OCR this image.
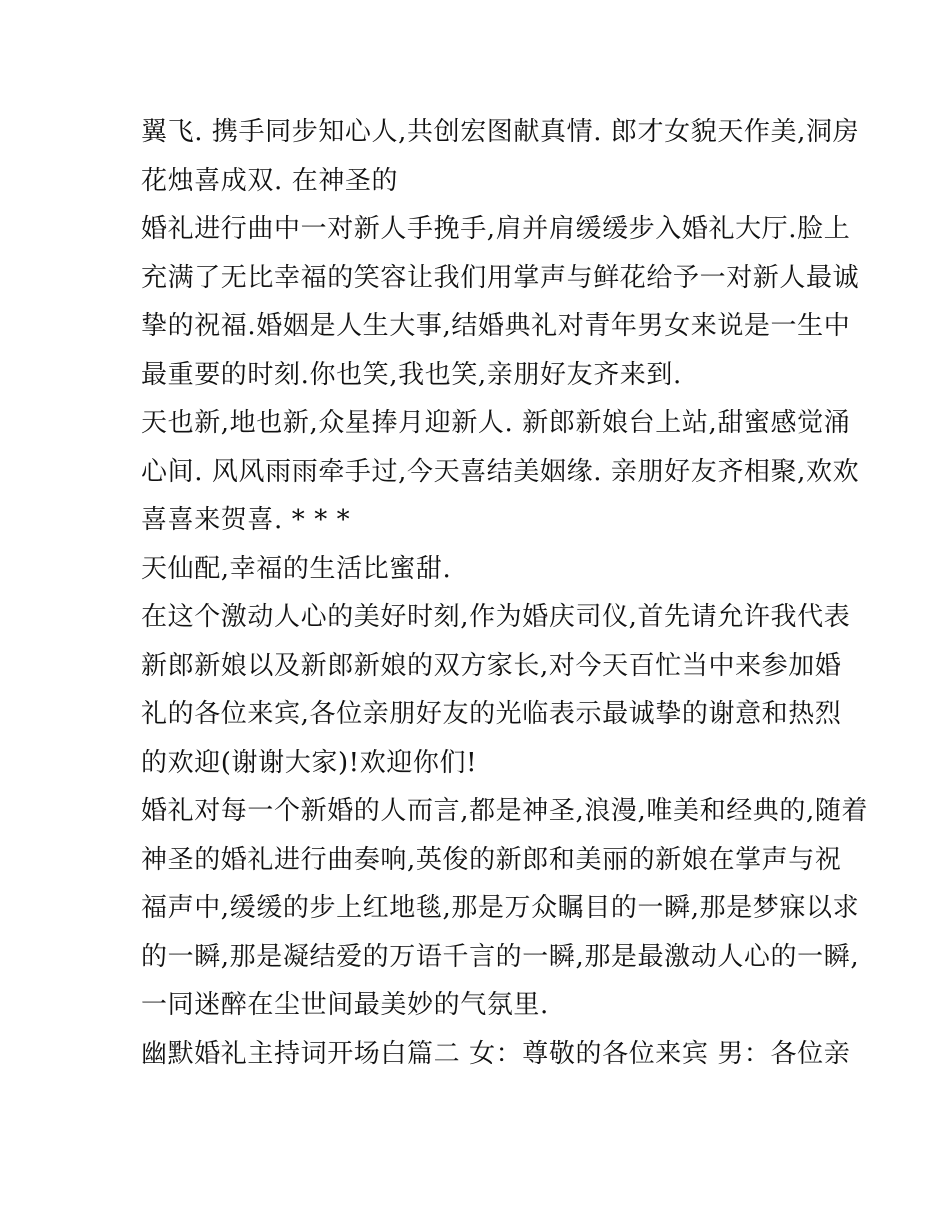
翼飞. 携手同步知心人,共创宏图献真情. 郎才女貌天作美,洞房
花烛喜成双. 在神圣的
婚礼进行曲中一对新人手挽手,肩并肩缓缓步入婚礼大厅.脸上
充满了无比幸福的笑容让我们用掌声与鲜花给予一对新人最诚
挚的祝福.婚姻是人生大事,结婚典礼对青年男女来说是一生中
最重要的时刻.你也笑,我也笑,亲朋好友齐来到.
天也新,地也新,众星捧月迎新人. 新郎新娘台上站,甜蜜感觉涌
心间. 风风雨雨牵手过,今天喜结美姻缘. 亲朋好友齐相聚,欢欢
喜喜来贺喜. * * *
天仙配,幸福的生活比蜜甜.
在这个激动人心的美好时刻,作为婚庆司仪,首先请允许我代表
新郎新娘以及新郎新娘的双方家长,对今天百忙当中来参加婚
礼的各位来宾,各位亲朋好友的光临表示最诚挚的谢意和热烈
的欢迎(谢谢大家)!欢迎你们!
婚礼对每一个新婚的人而言,都是神圣,浪漫,唯美和经典的,随着
神圣的婚礼进行曲奏响,英俊的新郎和美丽的新娘在掌声与祝
福声中,缓缓的步上红地毯,那是万众瞩目的一瞬,那是梦寐以求
的一瞬,那是凝结爱的万语千言的一瞬,那是最激动人心的一瞬,
一同迷醉在尘世间最美妙的气氛里.
幽默婚礼主持词开场白篇二 女：尊敬的各位来宾 男：各位亲
